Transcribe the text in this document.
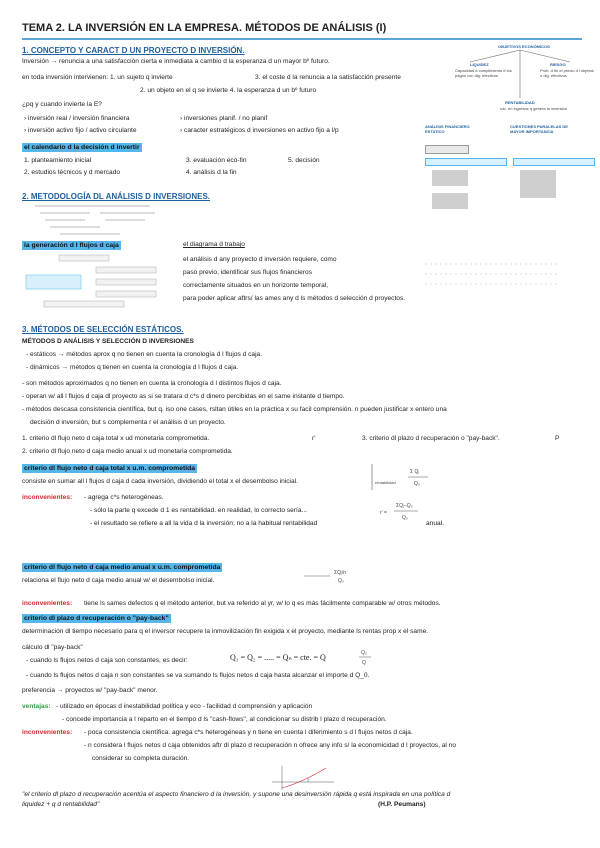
TEMA 2. LA INVERSIÓN EN LA EMPRESA. MÉTODOS DE ANÁLISIS (I)
1. CONCEPTO Y CARACT D UN PROYECTO D INVERSIÓN.
Inversión → renuncia a una satisfacción cierta e inmediata a cambio d la esperanza d un mayor bº futuro.
en toda inversión intervienen: 1. un sujeto q invierte	3. el coste d la renuncia a la satisfacción presente
2. un objeto en el q se invierte 4. la esperanza d un bº futuro
¿pq y cuando invierte la E?
› inversión real / inversión financiera	› inversiones planif. / no planif
› inversión activo fijo / activo circulante	› caracter estratégicos d inversiones en activo fijo a l/p
OBJETIVOS ECONÓMICOS
LIQUIDEZ
Capacidad d cumplimiento d los pagos con dig. efectivos
RIESGO
Prob. d fin el precio d l objetos o dig. efectivos
RENTABILIDAD
rdo. en ingresos q genera la inversión
ANÁLISIS FINANCIERO ESTATICO
CUESTIONES PARALELAS DE MAYOR IMPORTANCIA
el calendario d la decisión d invertir
1. planteamiento inicial	3. evaluación eco-fin	5. decisión
2. estudios técnicos y d mercado	4. análisis d la fin
2. METODOLOGÍA DL ANÁLISIS D INVERSIONES.
la generación d l flujos d caja	el diagrama d trabajo
el análisis d any proyecto d inversión requiere, como
paso previo, identificar sus flujos financieros
correctamente situados en un horizonte temporal,
para poder aplicar aftrs/ las ames any d ls métodos d selección d proyectos.
3. MÉTODOS DE SELECCIÓN ESTÁTICOS.
MÉTODOS D ANÁLISIS Y SELECCIÓN D INVERSIONES
- estáticos → métodos aprox q no tienen en cuenta la cronología d l flujos d caja.
- dinámicos → métodos q tienen en cuenta la cronología d l flujos d caja.
- son métodos aproximados q no tienen en cuenta la cronología d l distintos flujos d caja.
- operan w/ all l flujos d caja dl proyecto as si se tratara d c*s d dinero percibidas en el same instante d tiempo.
- métodos descasa consistencia científica, but q. iso one cases, rsltan útiles en la práctica x su facil comprensión. n pueden justificar x entero una
decisión d inversión, but s complementa r el análisis d un proyecto.
1. criterio dl flujo neto d caja total x ud monetaria comprometida.	r'	3. criterio dl plazo d recuperación o "pay-back".	P
2. criterio dl flujo neto d caja medio anual x ud monetaria comprometida.
criterio dl flujo neto d caja total x u.m. comprometida
consiste en sumar all l flujos d caja d cada inversión, dividiendo el total x el desembolso inicial.	rentabilidad
Σ Qⱼ
Q₀
inconvenientes: - agrega c*s heterogéneas.
- sólo la parte q excede d 1 es rentabilidad. en realidad, lo correcto sería...
- el resultado se refiere a all la vida d la inversión; no a la habitual rentabilidad	anual.
r' =
ΣQⱼ−Q₀
Q₀
criterio dl flujo neto d caja medio anual x u.m. comprometida
relaciona el flujo neto d caja medio anual w/ el desembolso inicial.
ΣQⱼ/n
Q₀
inconvenientes: tiene ls sames defectos q el método anterior, but va referido al yr, w/ lo q es más fácilmente comparable w/ otros métodos.
criterio dl plazo d recuperación o "pay-back"
determinación dl tiempo necesario para q el inversor recupere la inmovilización fin exigida x el proyecto, mediante ls rentas prop x el same.
cálculo dl "pay-back"
- cuando ls flujos netos d caja son constantes, es decir:	Q₁ = Q₂ = ..... = Qₙ = cte. = Q	Q₀
Q
- cuando ls flujos netos d caja n son constantes se va sumando ls flujos netos d caja hasta alcanzar el importe d Q_0.
preferencia → proyectos w/ "pay-back" menor.
ventajas: - utilizado en épocas d inestabilidad política y eco - facilidad d comprensión y aplicación
- concede importancia a l reparto en el tiempo d ls "cash-flows", al condicionar su distrib l plazo d recuperación.
inconvenientes: - poca consistencia científica. agrega c*s heterogéneas y n tiene en cuenta l diferimiento s d l flujos netos d caja.
- n considera l flujos netos d caja obtenidos aftr dl plazo d recuperación n ofrece any info s/ la economicidad d l proyectos, al no
considerar su completa duración.
"el criterio dl plazo d recuperación acentúa el aspecto financiero d la inversión, y supone una desinversión rápida q está inspirada en una política d
liquidez + q d rentabilidad"	(H.P. Peumans)
